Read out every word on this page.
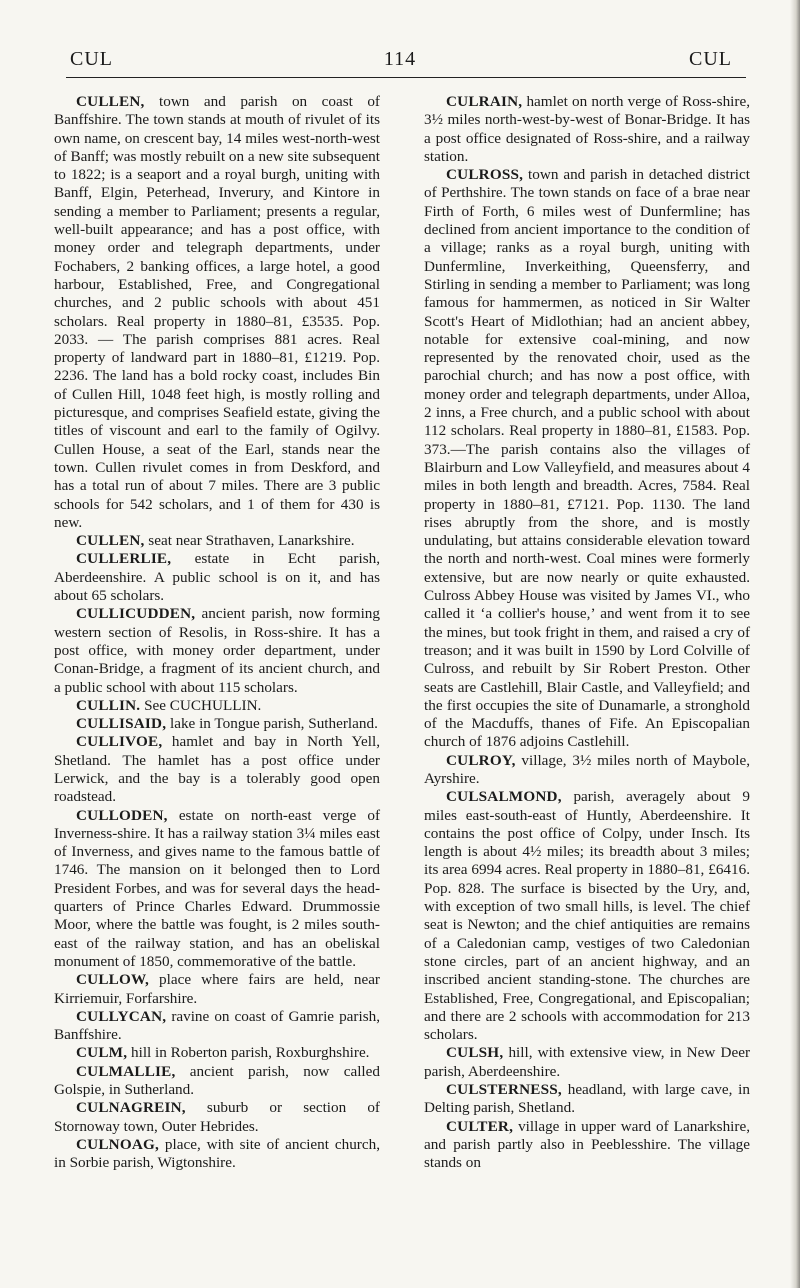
CUL	114	CUL

CULLEN, town and parish on coast of Banffshire. The town stands at mouth of rivulet of its own name, on crescent bay, 14 miles west-north-west of Banff; was mostly rebuilt on a new site subsequent to 1822; is a seaport and a royal burgh, uniting with Banff, Elgin, Peterhead, Inverury, and Kintore in sending a member to Parliament; presents a regular, well-built appearance; and has a post office, with money order and telegraph departments, under Fochabers, 2 banking offices, a large hotel, a good harbour, Established, Free, and Congregational churches, and 2 public schools with about 451 scholars. Real property in 1880–81, £3535. Pop. 2033. — The parish comprises 881 acres. Real property of landward part in 1880–81, £1219. Pop. 2236. The land has a bold rocky coast, includes Bin of Cullen Hill, 1048 feet high, is mostly rolling and picturesque, and comprises Seafield estate, giving the titles of viscount and earl to the family of Ogilvy. Cullen House, a seat of the Earl, stands near the town. Cullen rivulet comes in from Deskford, and has a total run of about 7 miles. There are 3 public schools for 542 scholars, and 1 of them for 430 is new.

CULLEN, seat near Strathaven, Lanarkshire.

CULLERLIE, estate in Echt parish, Aberdeenshire. A public school is on it, and has about 65 scholars.

CULLICUDDEN, ancient parish, now forming western section of Resolis, in Ross-shire. It has a post office, with money order department, under Conan-Bridge, a fragment of its ancient church, and a public school with about 115 scholars.

CULLIN. See CUCHULLIN.

CULLISAID, lake in Tongue parish, Sutherland.

CULLIVOE, hamlet and bay in North Yell, Shetland. The hamlet has a post office under Lerwick, and the bay is a tolerably good open roadstead.

CULLODEN, estate on north-east verge of Inverness-shire. It has a railway station 3¼ miles east of Inverness, and gives name to the famous battle of 1746. The mansion on it belonged then to Lord President Forbes, and was for several days the head-quarters of Prince Charles Edward. Drummossie Moor, where the battle was fought, is 2 miles south-east of the railway station, and has an obeliskal monument of 1850, commemorative of the battle.

CULLOW, place where fairs are held, near Kirriemuir, Forfarshire.

CULLYCAN, ravine on coast of Gamrie parish, Banffshire.

CULM, hill in Roberton parish, Roxburghshire.

CULMALLIE, ancient parish, now called Golspie, in Sutherland.

CULNAGREIN, suburb or section of Stornoway town, Outer Hebrides.

CULNOAG, place, with site of ancient church, in Sorbie parish, Wigtonshire.

CULRAIN, hamlet on north verge of Ross-shire, 3½ miles north-west-by-west of Bonar-Bridge. It has a post office designated of Ross-shire, and a railway station.

CULROSS, town and parish in detached district of Perthshire. The town stands on face of a brae near Firth of Forth, 6 miles west of Dunfermline; has declined from ancient importance to the condition of a village; ranks as a royal burgh, uniting with Dunfermline, Inverkeithing, Queensferry, and Stirling in sending a member to Parliament; was long famous for hammermen, as noticed in Sir Walter Scott's Heart of Midlothian; had an ancient abbey, notable for extensive coal-mining, and now represented by the renovated choir, used as the parochial church; and has now a post office, with money order and telegraph departments, under Alloa, 2 inns, a Free church, and a public school with about 112 scholars. Real property in 1880–81, £1583. Pop. 373.—The parish contains also the villages of Blairburn and Low Valleyfield, and measures about 4 miles in both length and breadth. Acres, 7584. Real property in 1880–81, £7121. Pop. 1130. The land rises abruptly from the shore, and is mostly undulating, but attains considerable elevation toward the north and north-west. Coal mines were formerly extensive, but are now nearly or quite exhausted. Culross Abbey House was visited by James VI., who called it ‘a collier's house,’ and went from it to see the mines, but took fright in them, and raised a cry of treason; and it was built in 1590 by Lord Colville of Culross, and rebuilt by Sir Robert Preston. Other seats are Castlehill, Blair Castle, and Valleyfield; and the first occupies the site of Dunamarle, a stronghold of the Macduffs, thanes of Fife. An Episcopalian church of 1876 adjoins Castlehill.

CULROY, village, 3½ miles north of Maybole, Ayrshire.

CULSALMOND, parish, averagely about 9 miles east-south-east of Huntly, Aberdeenshire. It contains the post office of Colpy, under Insch. Its length is about 4½ miles; its breadth about 3 miles; its area 6994 acres. Real property in 1880–81, £6416. Pop. 828. The surface is bisected by the Ury, and, with exception of two small hills, is level. The chief seat is Newton; and the chief antiquities are remains of a Caledonian camp, vestiges of two Caledonian stone circles, part of an ancient highway, and an inscribed ancient standing-stone. The churches are Established, Free, Congregational, and Episcopalian; and there are 2 schools with accommodation for 213 scholars.

CULSH, hill, with extensive view, in New Deer parish, Aberdeenshire.

CULSTERNESS, headland, with large cave, in Delting parish, Shetland.

CULTER, village in upper ward of Lanarkshire, and parish partly also in Peeblesshire. The village stands on
